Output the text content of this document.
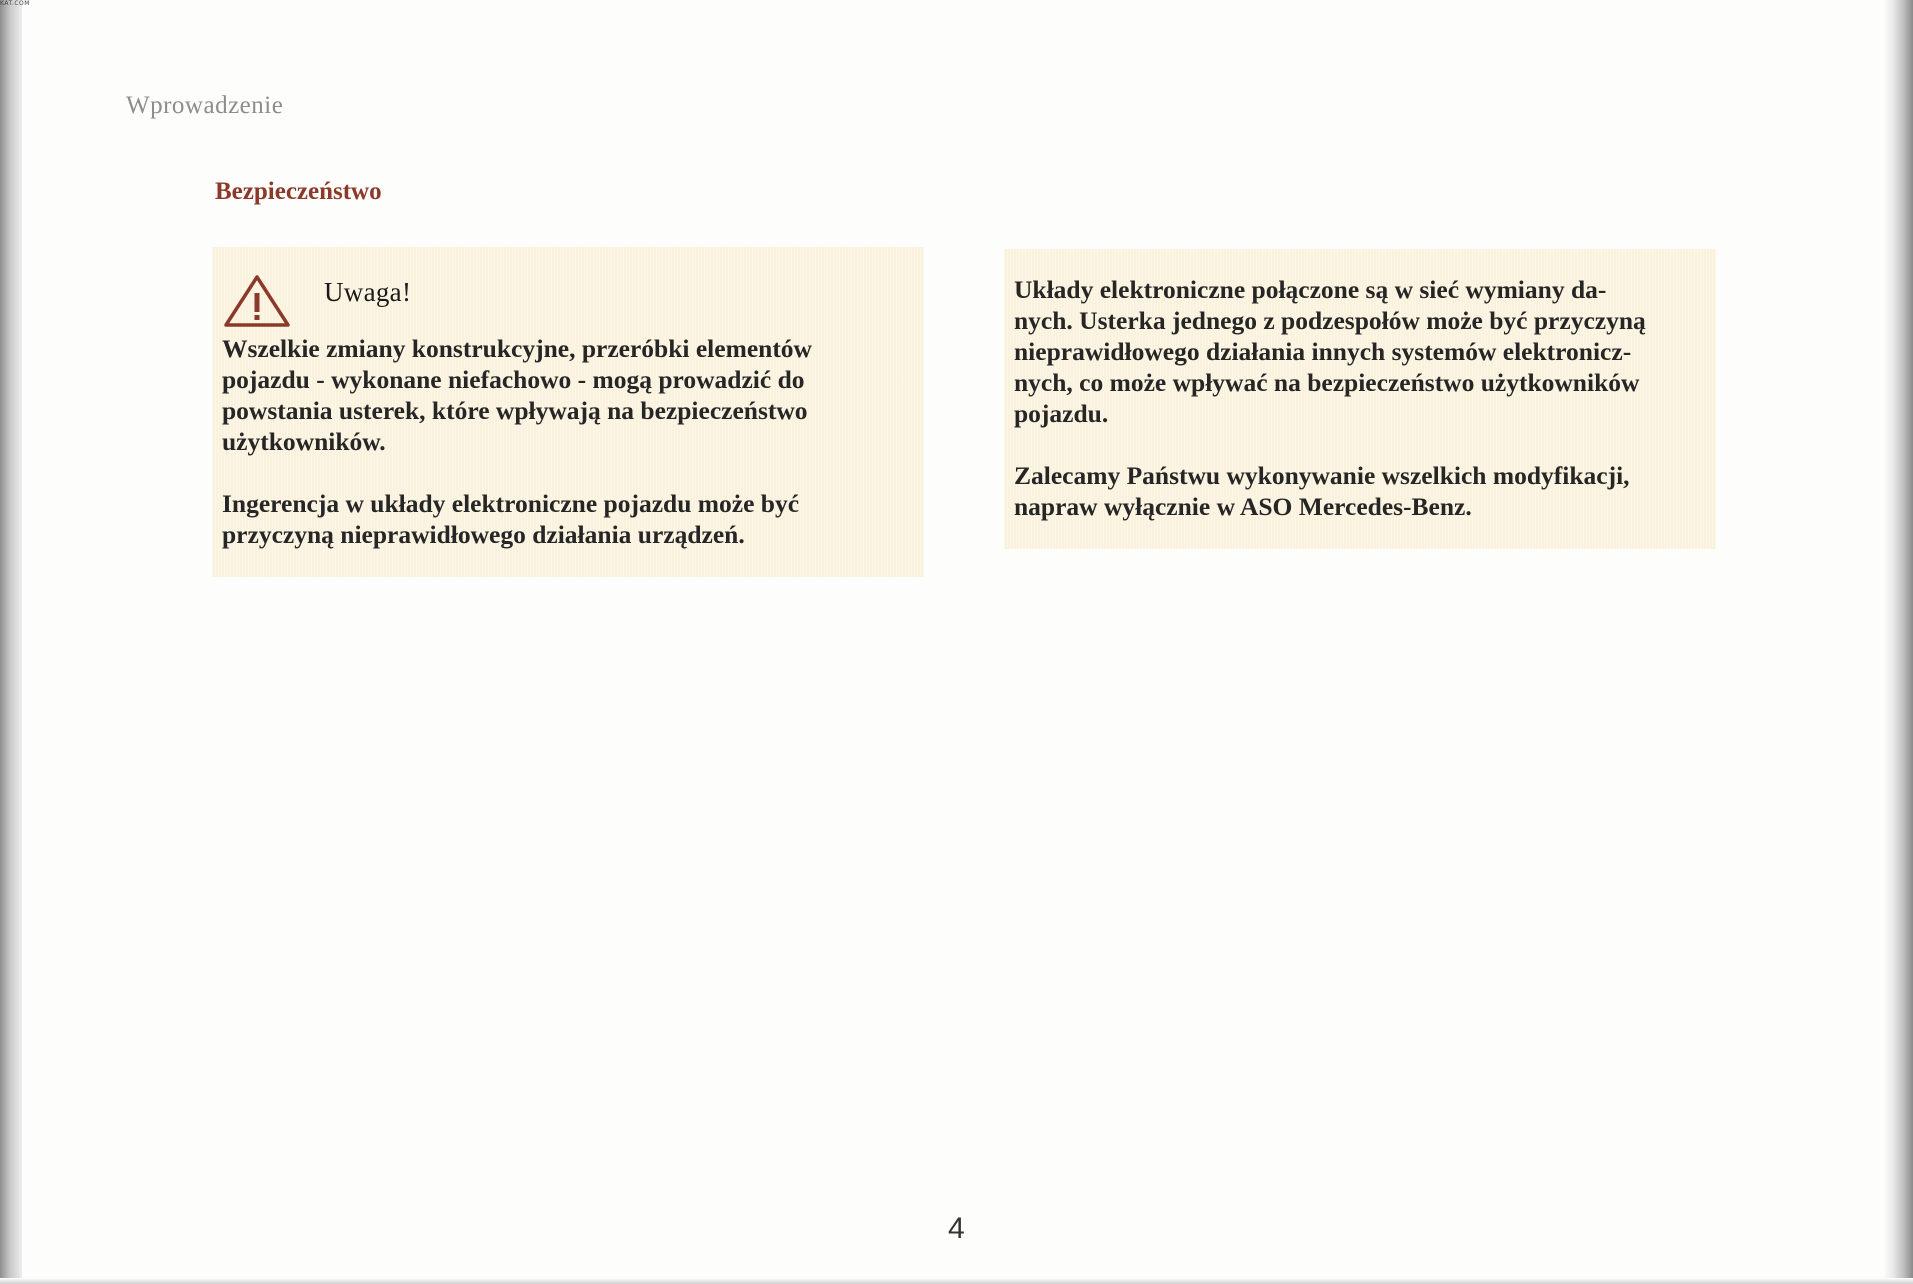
KAT.COM
Wprowadzenie
Bezpieczeństwo
Uwaga!

Wszelkie zmiany konstrukcyjne, przeróbki elementów
pojazdu - wykonane niefachowo - mogą prowadzić do
powstania usterek, które wpływają na bezpieczeństwo
użytkowników.

Ingerencja w układy elektroniczne pojazdu może być
przyczyną nieprawidłowego działania urządzeń.

Układy elektroniczne połączone są w sieć wymiany da-
nych. Usterka jednego z podzespołów może być przyczyną
nieprawidłowego działania innych systemów elektronicz-
nych, co może wpływać na bezpieczeństwo użytkowników
pojazdu.

Zalecamy Państwu wykonywanie wszelkich modyfikacji,
napraw wyłącznie w ASO Mercedes-Benz.

4
